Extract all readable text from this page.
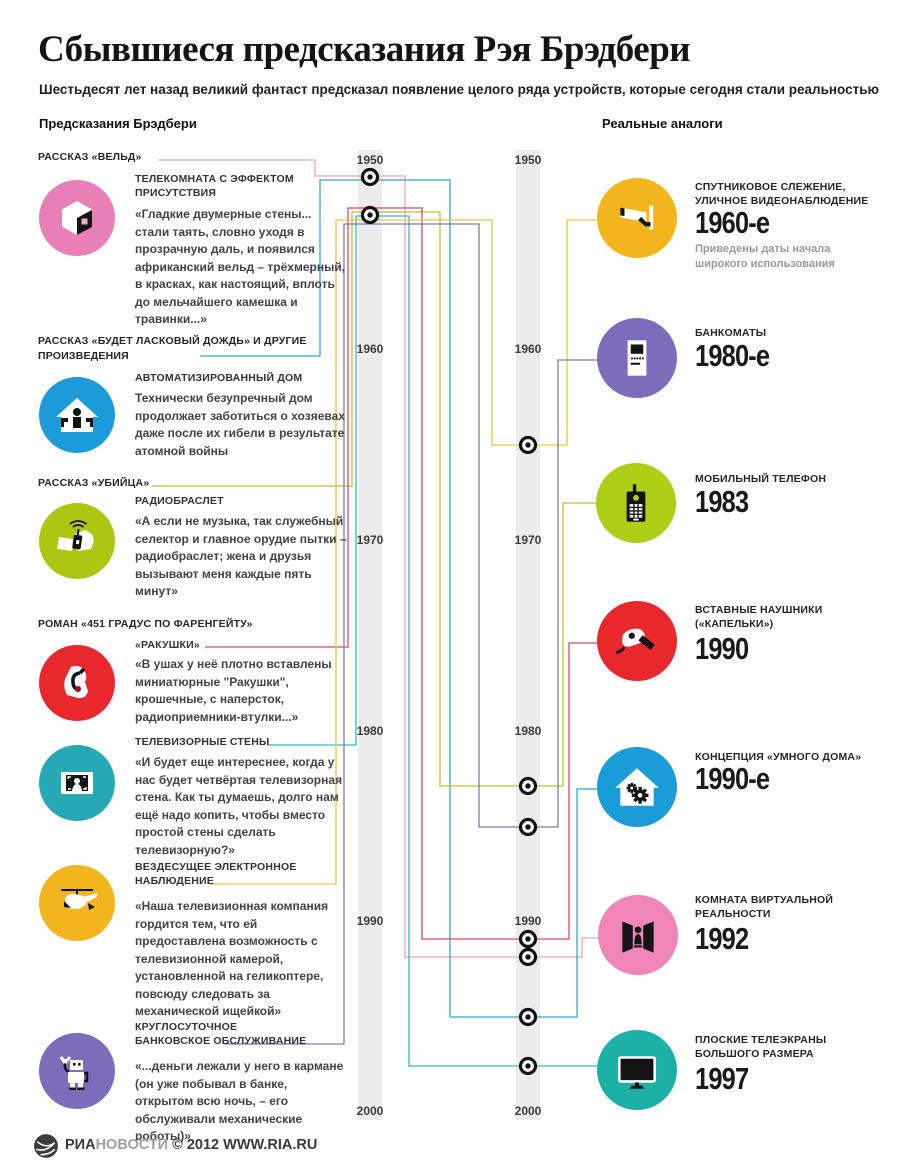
Сбывшиеся предсказания Рэя Брэдбери
Шестьдесят лет назад великий фантаст предсказал появление целого ряда устройств, которые сегодня стали реальностью
Предсказания Брэдбери	Реальные аналоги
1950
1960
1970
1980
1990
2000
1950
1960
1970
1980
1990
2000
РАССКАЗ «ВЕЛЬД»
ТЕЛЕКОМНАТА С ЭФФЕКТОМ ПРИСУТСТВИЯ
«Гладкие двумерные стены... стали таять, словно уходя в прозрачную даль, и появился африканский вельд – трёхмерный, в красках, как настоящий, вплоть до мельчайшего камешка и травинки...»
РАССКАЗ «БУДЕТ ЛАСКОВЫЙ ДОЖДЬ» И ДРУГИЕ ПРОИЗВЕДЕНИЯ
АВТОМАТИЗИРОВАННЫЙ ДОМ
Технически безупречный дом продолжает заботиться о хозяевах даже после их гибели в результате атомной войны
РАССКАЗ «УБИЙЦА»
РАДИОБРАСЛЕТ
«А если не музыка, так служебный селектор и главное орудие пытки – радиобраслет; жена и друзья вызывают меня каждые пять минут»
РОМАН «451 ГРАДУС ПО ФАРЕНГЕЙТУ»
«РАКУШКИ»
«В ушах у неё плотно вставлены миниатюрные "Ракушки", крошечные, с наперсток, радиоприемники-втулки...»
ТЕЛЕВИЗОРНЫЕ СТЕНЫ
«И будет еще интереснее, когда у нас будет четвёртая телевизорная стена. Как ты думаешь, долго нам ещё надо копить, чтобы вместо простой стены сделать телевизорную?»
ВЕЗДЕСУЩЕЕ ЭЛЕКТРОННОЕ НАБЛЮДЕНИЕ
«Наша телевизионная компания гордится тем, что ей предоставлена возможность с телевизионной камерой, установленной на геликоптере, повсюду следовать за механической ищейкой»
КРУГЛОСУТОЧНОЕ БАНКОВСКОЕ ОБСЛУЖИВАНИЕ
«...деньги лежали у него в кармане (он уже побывал в банке, открытом всю ночь, – его обслуживали механические роботы)»
СПУТНИКОВОЕ СЛЕЖЕНИЕ, УЛИЧНОЕ ВИДЕОНАБЛЮДЕНИЕ
1960-е
Приведены даты начала широкого использования
БАНКОМАТЫ
1980-е
МОБИЛЬНЫЙ ТЕЛЕФОН
1983
ВСТАВНЫЕ НАУШНИКИ («КАПЕЛЬКИ»)
1990
КОНЦЕПЦИЯ «УМНОГО ДОМА»
1990-е
КОМНАТА ВИРТУАЛЬНОЙ РЕАЛЬНОСТИ
1992
ПЛОСКИЕ ТЕЛЕЭКРАНЫ БОЛЬШОГО РАЗМЕРА
1997
РИАНОВОСТИ © 2012 WWW.RIA.RU
